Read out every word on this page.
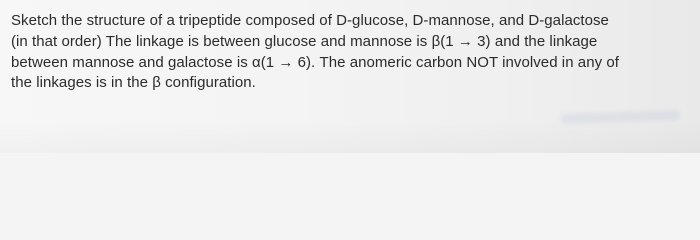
Sketch the structure of a tripeptide composed of D-glucose, D-mannose, and D-galactose
(in that order) The linkage is between glucose and mannose is β(1 → 3) and the linkage
between mannose and galactose is α(1 → 6). The anomeric carbon NOT involved in any of
the linkages is in the β configuration.
